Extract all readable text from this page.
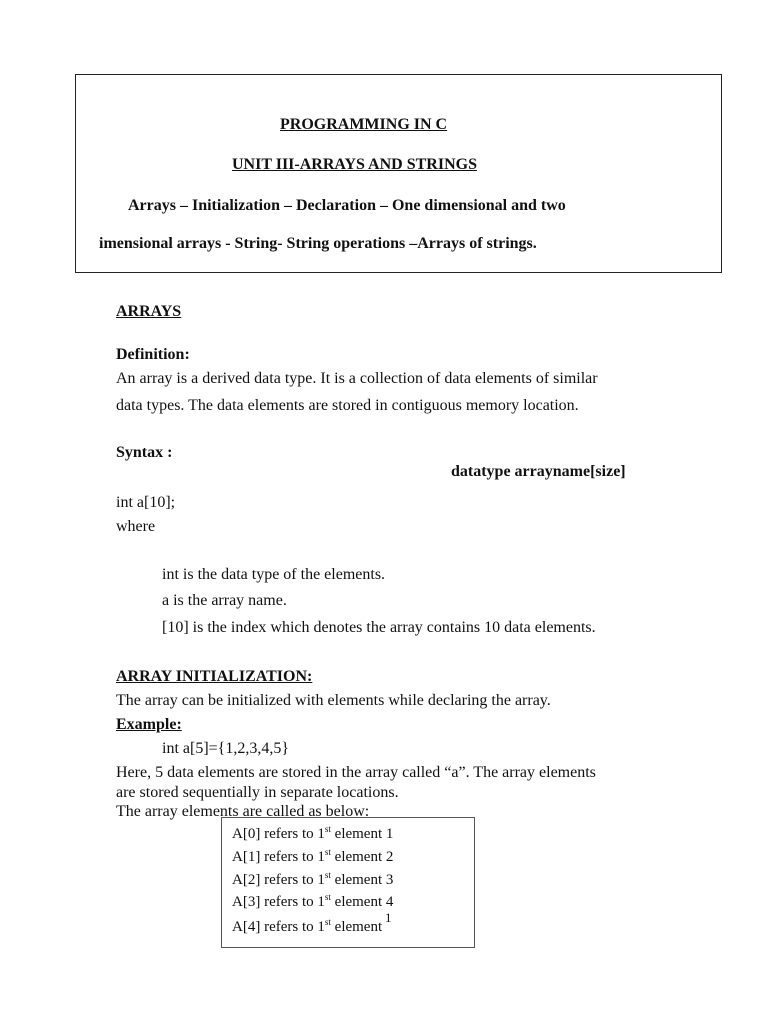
PROGRAMMING IN C
UNIT III-ARRAYS AND STRINGS
Arrays – Initialization – Declaration – One dimensional and two
imensional arrays - String- String operations –Arrays of strings.
ARRAYS
Definition:
An array is a derived data type. It is a collection of data elements of similar
data types. The data elements are stored in contiguous memory location.
Syntax :
datatype arrayname[size]
int a[10];
where
int is the data type of the elements.
a is the array name.
[10] is the index which denotes the array contains 10 data elements.
ARRAY INITIALIZATION:
The array can be initialized with elements while declaring the array.
Example:
int a[5]={1,2,3,4,5}
Here, 5 data elements are stored in the array called “a”. The array elements
are stored sequentially in separate locations.
The array elements are called as below:
A[0] refers to 1st element 1
A[1] refers to 1st element 2
A[2] refers to 1st element 3
A[3] refers to 1st element 4
A[4] refers to 1st element
1
